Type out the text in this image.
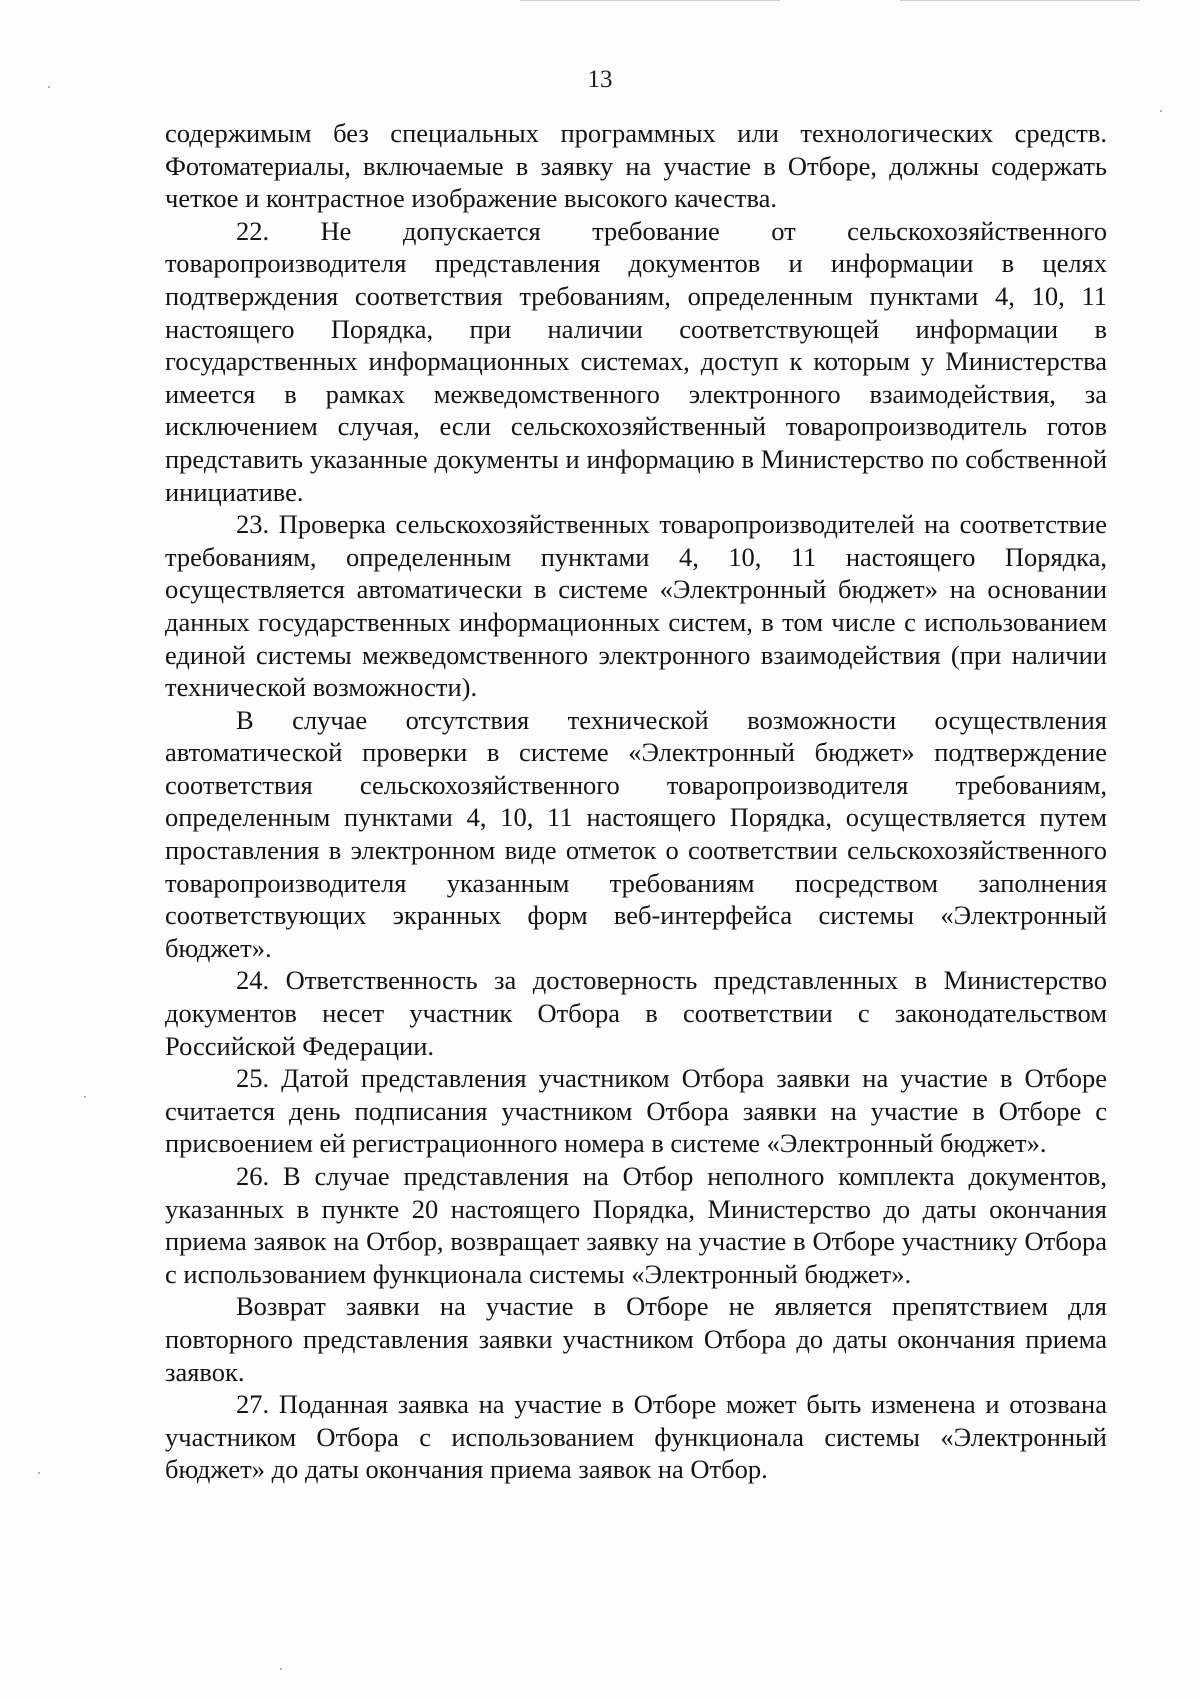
13

содержимым без специальных программных или технологических средств. Фотоматериалы, включаемые в заявку на участие в Отборе, должны содержать четкое и контрастное изображение высокого качества.

22. Не допускается требование от сельскохозяйственного товаропроизводителя представления документов и информации в целях подтверждения соответствия требованиям, определенным пунктами 4, 10, 11 настоящего Порядка, при наличии соответствующей информации в государственных информационных системах, доступ к которым у Министерства имеется в рамках межведомственного электронного взаимодействия, за исключением случая, если сельскохозяйственный товаропроизводитель готов представить указанные документы и информацию в Министерство по собственной инициативе.

23. Проверка сельскохозяйственных товаропроизводителей на соответствие требованиям, определенным пунктами 4, 10, 11 настоящего Порядка, осуществляется автоматически в системе «Электронный бюджет» на основании данных государственных информационных систем, в том числе с использованием единой системы межведомственного электронного взаимодействия (при наличии технической возможности).

В случае отсутствия технической возможности осуществления автоматической проверки в системе «Электронный бюджет» подтверждение соответствия сельскохозяйственного товаропроизводителя требованиям, определенным пунктами 4, 10, 11 настоящего Порядка, осуществляется путем проставления в электронном виде отметок о соответствии сельскохозяйственного товаропроизводителя указанным требованиям посредством заполнения соответствующих экранных форм веб-интерфейса системы «Электронный бюджет».

24. Ответственность за достоверность представленных в Министерство документов несет участник Отбора в соответствии с законодательством Российской Федерации.

25. Датой представления участником Отбора заявки на участие в Отборе считается день подписания участником Отбора заявки на участие в Отборе с присвоением ей регистрационного номера в системе «Электронный бюджет».

26. В случае представления на Отбор неполного комплекта документов, указанных в пункте 20 настоящего Порядка, Министерство до даты окончания приема заявок на Отбор, возвращает заявку на участие в Отборе участнику Отбора с использованием функционала системы «Электронный бюджет».

Возврат заявки на участие в Отборе не является препятствием для повторного представления заявки участником Отбора до даты окончания приема заявок.

27. Поданная заявка на участие в Отборе может быть изменена и отозвана участником Отбора с использованием функционала системы «Электронный бюджет» до даты окончания приема заявок на Отбор.
